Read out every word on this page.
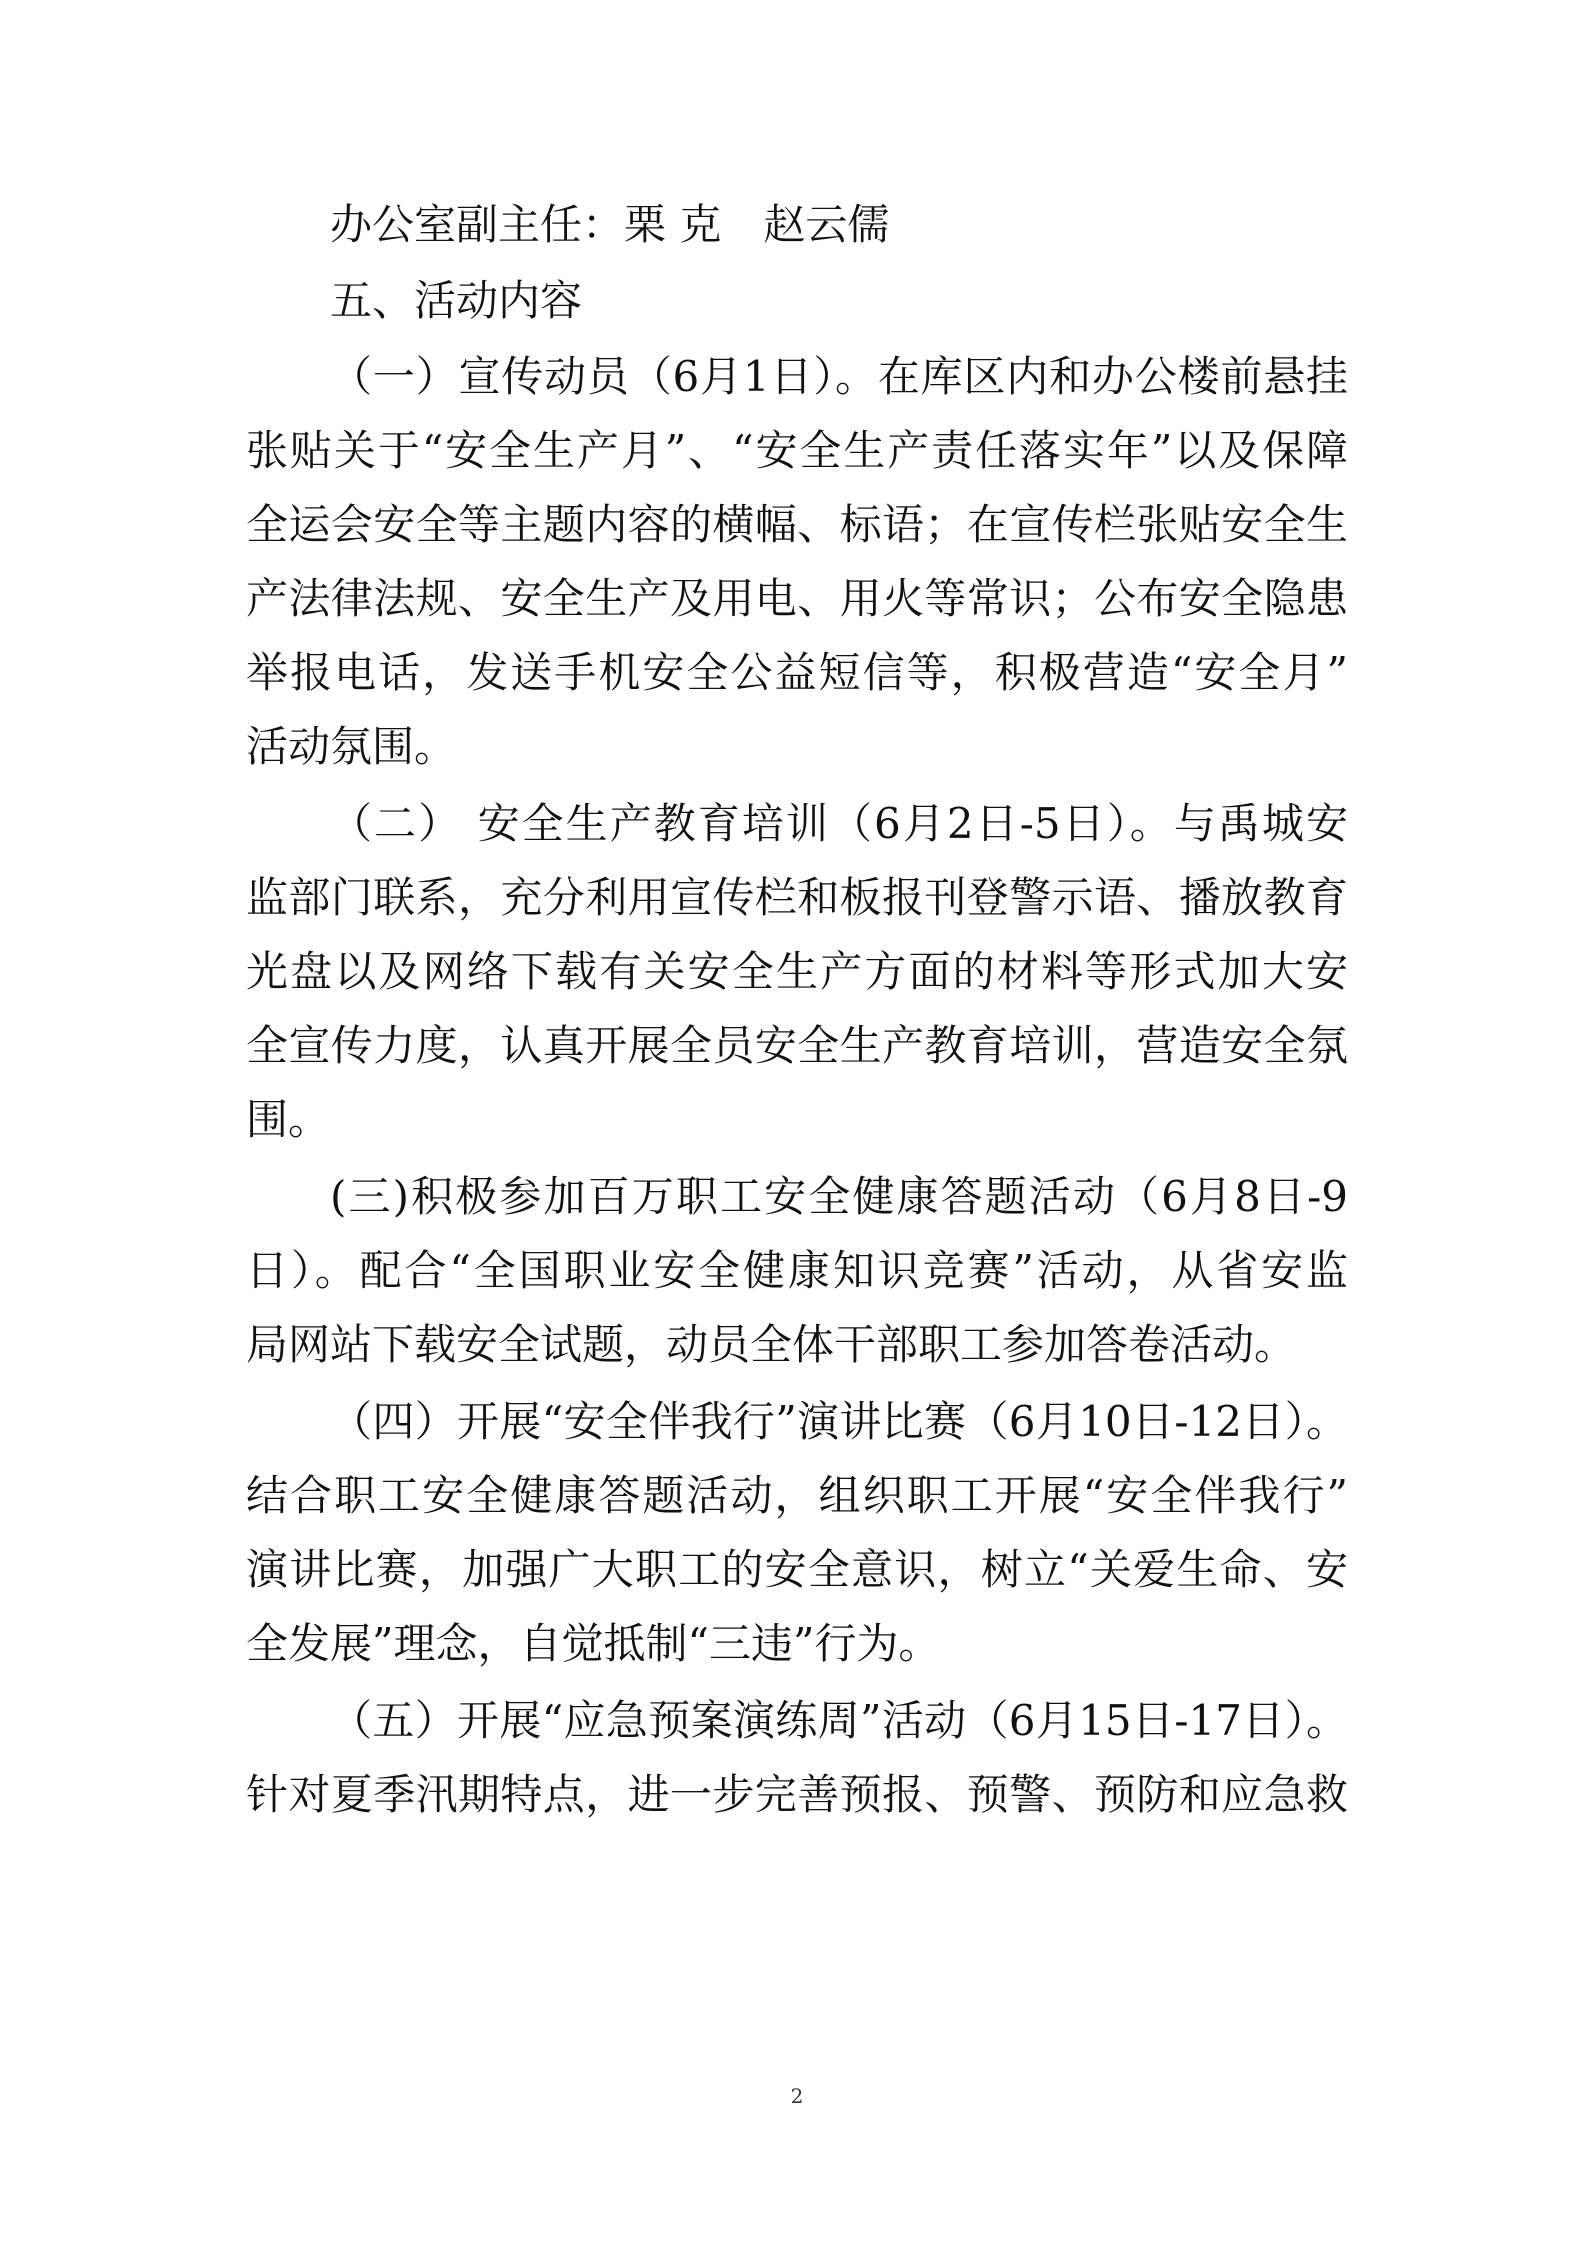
办公室副主任：栗 克　赵云儒
五、活动内容
（一）宣传动员（6月1日）。在库区内和办公楼前悬挂
张贴关于“安全生产月”、“安全生产责任落实年”以及保障
全运会安全等主题内容的横幅、标语；在宣传栏张贴安全生
产法律法规、安全生产及用电、用火等常识；公布安全隐患
举报电话，发送手机安全公益短信等，积极营造“安全月”
活动氛围。
（二） 安全生产教育培训（6月2日-5日）。与禹城安
监部门联系，充分利用宣传栏和板报刊登警示语、播放教育
光盘以及网络下载有关安全生产方面的材料等形式加大安
全宣传力度，认真开展全员安全生产教育培训，营造安全氛
围。
(三)积极参加百万职工安全健康答题活动（6月8日-9
日）。配合“全国职业安全健康知识竞赛”活动，从省安监
局网站下载安全试题，动员全体干部职工参加答卷活动。
（四）开展“安全伴我行”演讲比赛（6月10日-12日）。
结合职工安全健康答题活动，组织职工开展“安全伴我行”
演讲比赛，加强广大职工的安全意识，树立“关爱生命、安
全发展”理念，自觉抵制“三违”行为。
（五）开展“应急预案演练周”活动（6月15日-17日）。
针对夏季汛期特点，进一步完善预报、预警、预防和应急救
2
